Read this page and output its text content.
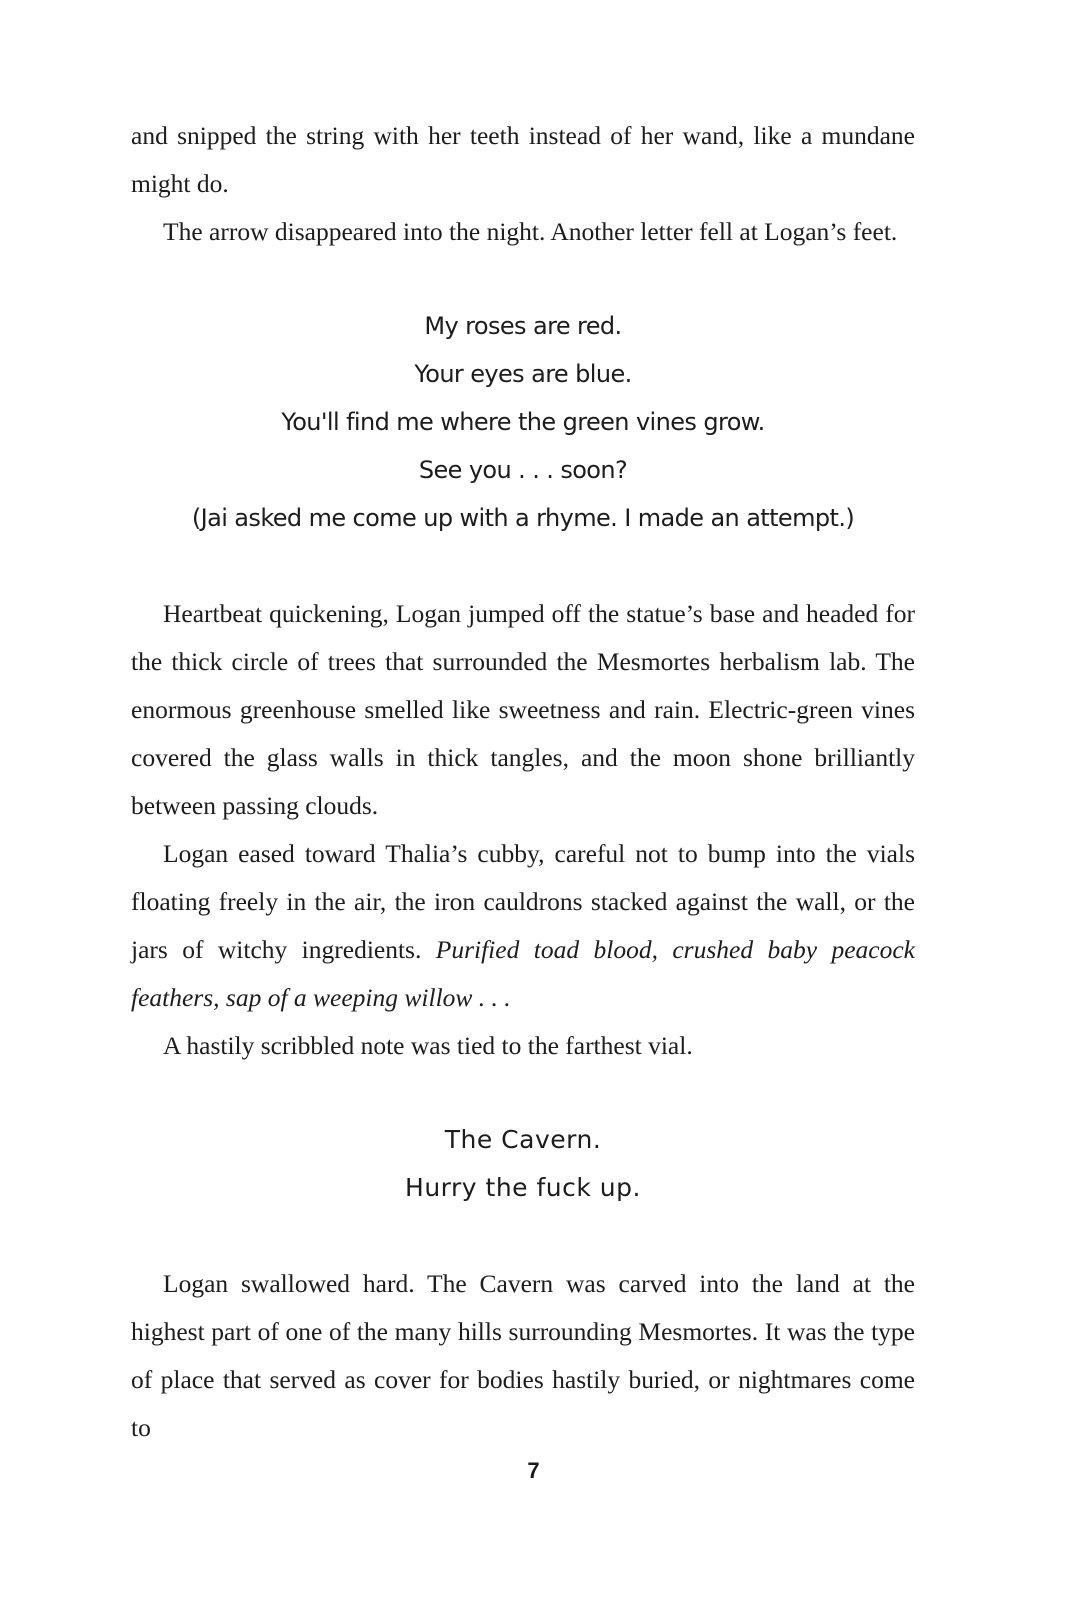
and snipped the string with her teeth instead of her wand, like a mundane might do.

The arrow disappeared into the night. Another letter fell at Logan’s feet.

My roses are red.
Your eyes are blue.
You'll find me where the green vines grow.
See you . . . soon?
(Jai asked me come up with a rhyme. I made an attempt.)

Heartbeat quickening, Logan jumped off the statue’s base and headed for the thick circle of trees that surrounded the Mesmortes herbalism lab. The enormous greenhouse smelled like sweetness and rain. Electric-green vines covered the glass walls in thick tangles, and the moon shone brilliantly between passing clouds.

Logan eased toward Thalia’s cubby, careful not to bump into the vials floating freely in the air, the iron cauldrons stacked against the wall, or the jars of witchy ingredients. Purified toad blood, crushed baby peacock feathers, sap of a weeping willow . . .

A hastily scribbled note was tied to the farthest vial.

The Cavern.
Hurry the fuck up.

Logan swallowed hard. The Cavern was carved into the land at the highest part of one of the many hills surrounding Mesmortes. It was the type of place that served as cover for bodies hastily buried, or nightmares come to

7
